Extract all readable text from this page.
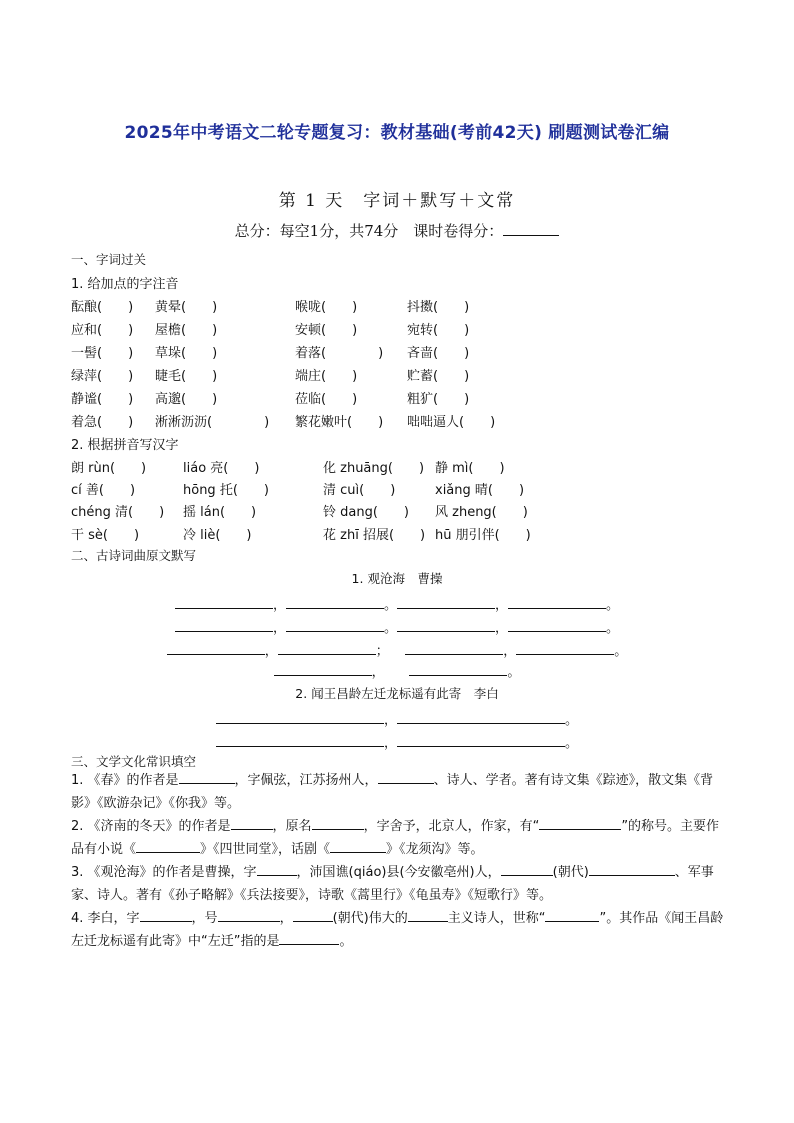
2025年中考语文二轮专题复习：教材基础(考前42天) 刷题测试卷汇编
第 1 天　字词＋默写＋文常
总分：每空1分，共74分　课时卷得分：
一、字词过关
1. 给加点的字注音
酝酿(　　) 黄晕(　　)	喉咙(　　)	抖擞(　　)
应和(　　) 屋檐(　　)	安顿(　　)	宛转(　　)
一髻(　　) 草垛(　　)	着落(　　　　) 吝啬(　　)
绿萍(　　) 睫毛(　　)	端庄(　　)	贮蓄(　　)
静谧(　　) 高邈(　　)	莅临(　　)	粗犷(　　)
着急(　　) 淅淅沥沥(　　　　) 繁花嫩叶(　　) 咄咄逼人(　　)
2. 根据拼音写汉字
朗 rùn(　　)	liáo 亮(　　)	化 zhuāng(　　) 静 mì(　　)
cí 善(　　)	hōng 托(　　)	清 cuì(　　)	xiǎng 晴(　　)
chéng 清(　　) 摇 lán(　　)	铃 dang(　　) 风 zheng(　　)
干 sè(　　)	冷 liè(　　)	花 zhī 招展(　　) hū 朋引伴(　　)
二、古诗词曲原文默写
1. 观沧海　曹操
，	。	，	。
，	。	，	。
，	；	，	。
，	。
2. 闻王昌龄左迁龙标遥有此寄　李白
，	。
，	。
三、文学文化常识填空
1. 《春》的作者是	，字佩弦，江苏扬州人，	、诗人、学者。著有诗文集《踪迹》，散文集《背影》《欧游杂记》《你我》等。
2. 《济南的冬天》的作者是	，原名	，字舍予，北京人，作家，有“	”的称号。主要作品有小说《	》《四世同堂》，话剧《	》《龙须沟》等。
3. 《观沧海》的作者是曹操，字	，沛国谯(qiáo)县(今安徽亳州)人，	(朝代)	、军事家、诗人。著有《孙子略解》《兵法接要》，诗歌《蒿里行》《龟虽寿》《短歌行》等。
4. 李白，字	，号	，	(朝代)伟大的	主义诗人，世称“	”。其作品《闻王昌龄左迁龙标遥有此寄》中“左迁”指的是	。
